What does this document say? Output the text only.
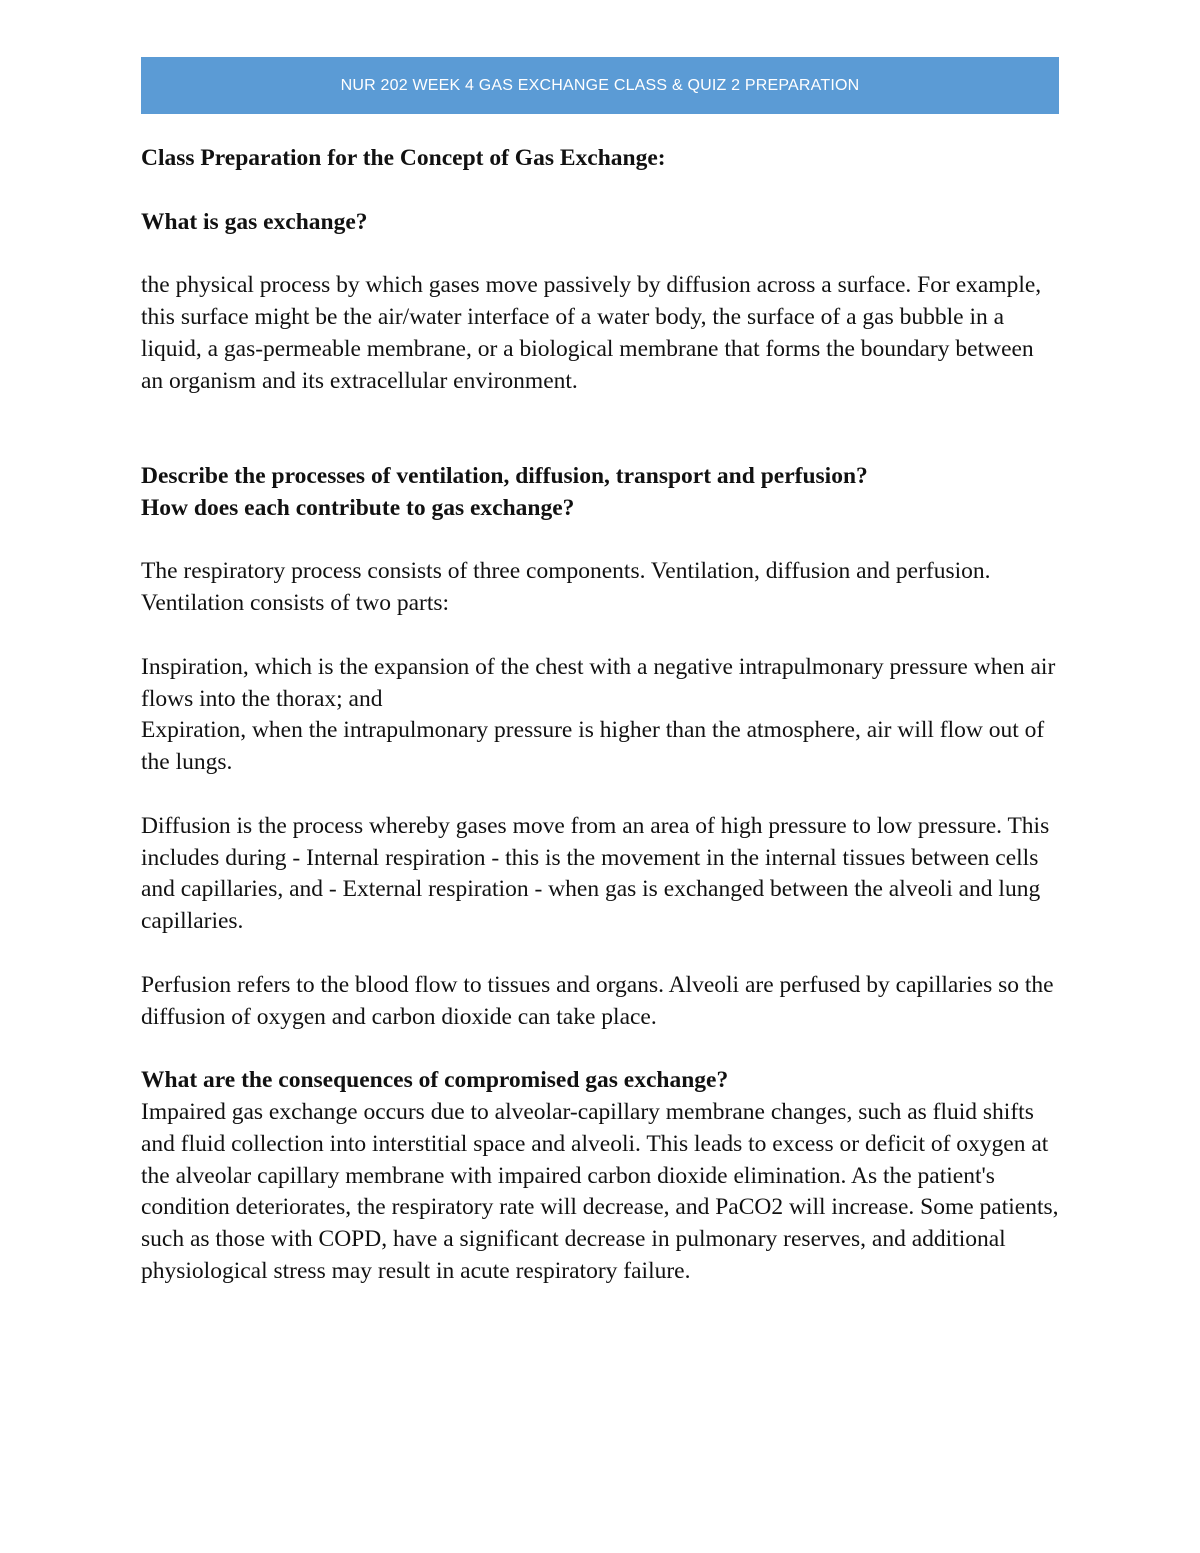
NUR 202 WEEK 4 GAS EXCHANGE CLASS & QUIZ 2 PREPARATION

Class Preparation for the Concept of Gas Exchange:

What is gas exchange?

the physical process by which gases move passively by diffusion across a surface. For example, this surface might be the air/water interface of a water body, the surface of a gas bubble in a liquid, a gas-permeable membrane, or a biological membrane that forms the boundary between an organism and its extracellular environment.

Describe the processes of ventilation, diffusion, transport and perfusion?

How does each contribute to gas exchange?

The respiratory process consists of three components. Ventilation, diffusion and perfusion. Ventilation consists of two parts:

Inspiration, which is the expansion of the chest with a negative intrapulmonary pressure when air flows into the thorax; and

Expiration, when the intrapulmonary pressure is higher than the atmosphere, air will flow out of the lungs.

Diffusion is the process whereby gases move from an area of high pressure to low pressure. This includes during - Internal respiration - this is the movement in the internal tissues between cells and capillaries, and - External respiration - when gas is exchanged between the alveoli and lung capillaries.

Perfusion refers to the blood flow to tissues and organs. Alveoli are perfused by capillaries so the diffusion of oxygen and carbon dioxide can take place.

What are the consequences of compromised gas exchange?

Impaired gas exchange occurs due to alveolar-capillary membrane changes, such as fluid shifts and fluid collection into interstitial space and alveoli. This leads to excess or deficit of oxygen at the alveolar capillary membrane with impaired carbon dioxide elimination. As the patient's condition deteriorates, the respiratory rate will decrease, and PaCO2 will increase. Some patients, such as those with COPD, have a significant decrease in pulmonary reserves, and additional physiological stress may result in acute respiratory failure.
